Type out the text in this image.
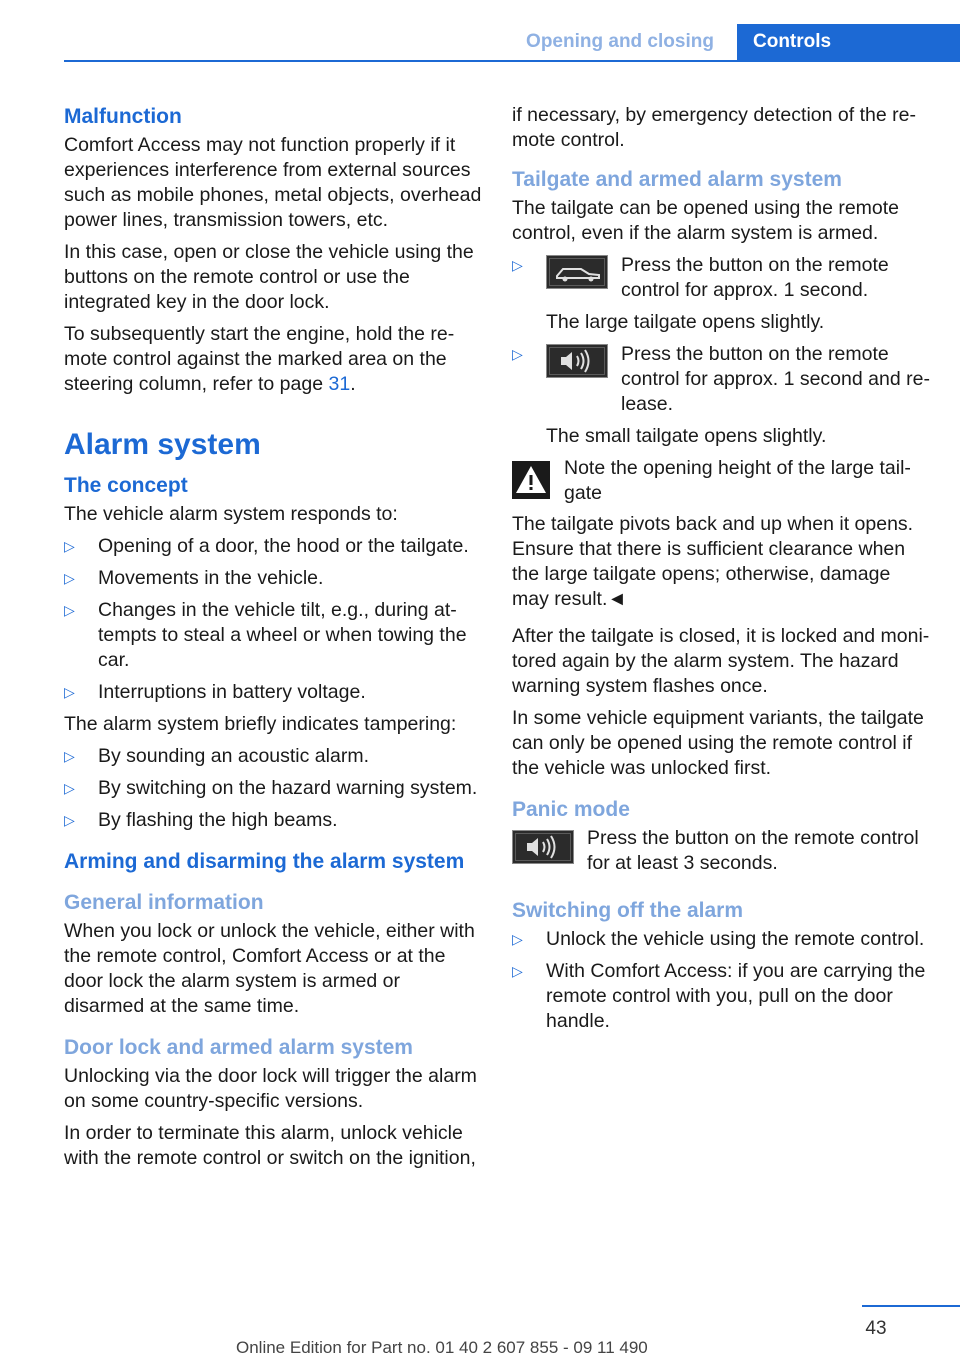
Opening and closing	Controls
Malfunction

Comfort Access may not function properly if it experiences interference from external sources such as mobile phones, metal objects, overhead power lines, transmission towers, etc.

In this case, open or close the vehicle using the buttons on the remote control or use the integrated key in the door lock.

To subsequently start the engine, hold the remote control against the marked area on the steering column, refer to page 31.

Alarm system
The concept

The vehicle alarm system responds to:

▷ Opening of a door, the hood or the tailgate.
▷ Movements in the vehicle.
▷ Changes in the vehicle tilt, e.g., during attempts to steal a wheel or when towing the car.
▷ Interruptions in battery voltage.

The alarm system briefly indicates tampering:

▷ By sounding an acoustic alarm.
▷ By switching on the hazard warning system.
▷ By flashing the high beams.
Arming and disarming the alarm system
General information

When you lock or unlock the vehicle, either with the remote control, Comfort Access or at the door lock the alarm system is armed or disarmed at the same time.

Door lock and armed alarm system

Unlocking via the door lock will trigger the alarm on some country-specific versions.

In order to terminate this alarm, unlock vehicle with the remote control or switch on the ignition,

if necessary, by emergency detection of the remote control.

Tailgate and armed alarm system

The tailgate can be opened using the remote control, even if the alarm system is armed.

▷	Press the button on the remote control for approx. 1 second.
The large tailgate opens slightly.
▷	Press the button on the remote control for approx. 1 second and release.
The small tailgate opens slightly.
Note the opening height of the large tailgate

The tailgate pivots back and up when it opens. Ensure that there is sufficient clearance when the large tailgate opens; otherwise, damage may result.◄

After the tailgate is closed, it is locked and monitored again by the alarm system. The hazard warning system flashes once.

In some vehicle equipment variants, the tailgate can only be opened using the remote control if the vehicle was unlocked first.

Panic mode
Press the button on the remote control for at least 3 seconds.
Switching off the alarm
▷ Unlock the vehicle using the remote control.
▷ With Comfort Access: if you are carrying the remote control with you, pull on the door handle.
43
Online Edition for Part no. 01 40 2 607 855 - 09 11 490
